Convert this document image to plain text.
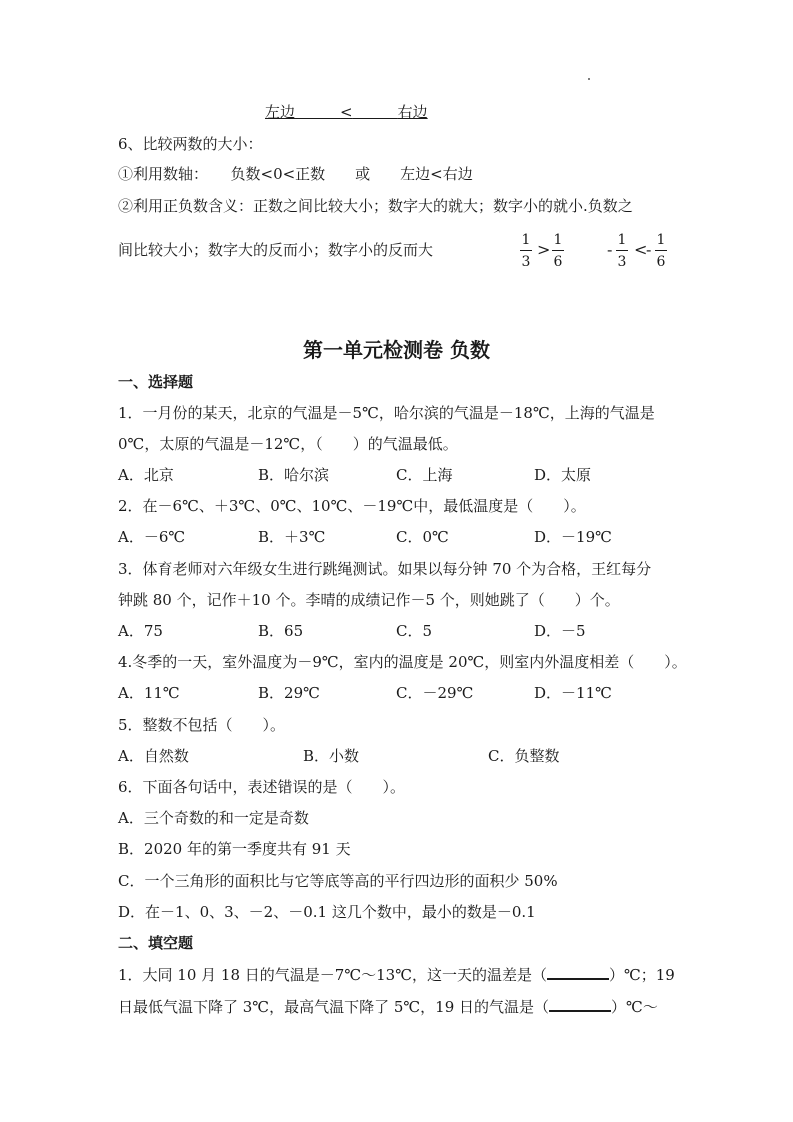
左边　　　	<　　　	右边
6、比较两数的大小：
①利用数轴：　　负数<0<正数　　或　　左边<右边
②利用正负数含义：正数之间比较大小；数字大的就大；数字小的就小.负数之
间比较大小；数字大的反而小；数字小的反而大
1
3
> 1
6
- 1
3
<
- 1
6
第一单元检测卷 负数
一、选择题
1．一月份的某天，北京的气温是－5℃，哈尔滨的气温是－18℃，上海的气温是
0℃，太原的气温是－12℃，（　　）的气温最低。
A．北京	B．哈尔滨	C．上海	D．太原
2．在－6℃、＋3℃、0℃、10℃、－19℃中，最低温度是（　　）。
A．－6℃	B．＋3℃	C．0℃	D．－19℃
3．体育老师对六年级女生进行跳绳测试。如果以每分钟 70 个为合格，王红每分
钟跳 80 个，记作＋10 个。李晴的成绩记作－5 个，则她跳了（　　）个。
A．75	B．65	C．5	D．－5
4.冬季的一天，室外温度为－9℃，室内的温度是 20℃，则室内外温度相差（　　）。
A．11℃	B．29℃	C．－29℃	D．－11℃
5．整数不包括（　　）。
A．自然数	B．小数	C．负整数
6．下面各句话中，表述错误的是（　　）。
A．三个奇数的和一定是奇数
B．2020 年的第一季度共有 91 天
C．一个三角形的面积比与它等底等高的平行四边形的面积少 50%
D．在－1、0、3、－2、－0.1 这几个数中，最小的数是－0.1
二、填空题
1．大同 10 月 18 日的气温是－7℃～13℃，这一天的温差是（	）℃；19
日最低气温下降了 3℃，最高气温下降了 5℃，19 日的气温是（	）℃～
